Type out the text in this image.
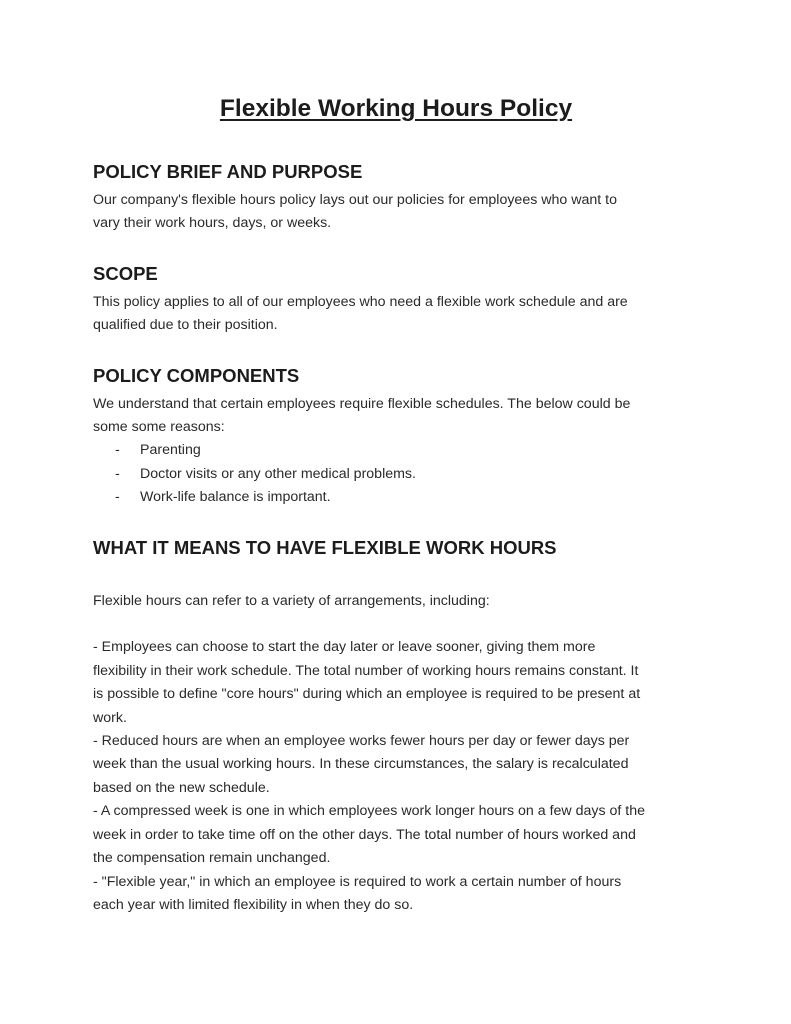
Flexible Working Hours Policy
POLICY BRIEF AND PURPOSE

Our company's flexible hours policy lays out our policies for employees who want to

vary their work hours, days, or weeks.

SCOPE

This policy applies to all of our employees who need a flexible work schedule and are

qualified due to their position.

POLICY COMPONENTS

We understand that certain employees require flexible schedules. The below could be

some some reasons:

-	Parenting
-	Doctor visits or any other medical problems.
-	Work-life balance is important.
WHAT IT MEANS TO HAVE FLEXIBLE WORK HOURS

Flexible hours can refer to a variety of arrangements, including:

- Employees can choose to start the day later or leave sooner, giving them more

flexibility in their work schedule. The total number of working hours remains constant. It

is possible to define "core hours" during which an employee is required to be present at

work.

- Reduced hours are when an employee works fewer hours per day or fewer days per

week than the usual working hours. In these circumstances, the salary is recalculated

based on the new schedule.

- A compressed week is one in which employees work longer hours on a few days of the

week in order to take time off on the other days. The total number of hours worked and

the compensation remain unchanged.

- "Flexible year," in which an employee is required to work a certain number of hours

each year with limited flexibility in when they do so.
